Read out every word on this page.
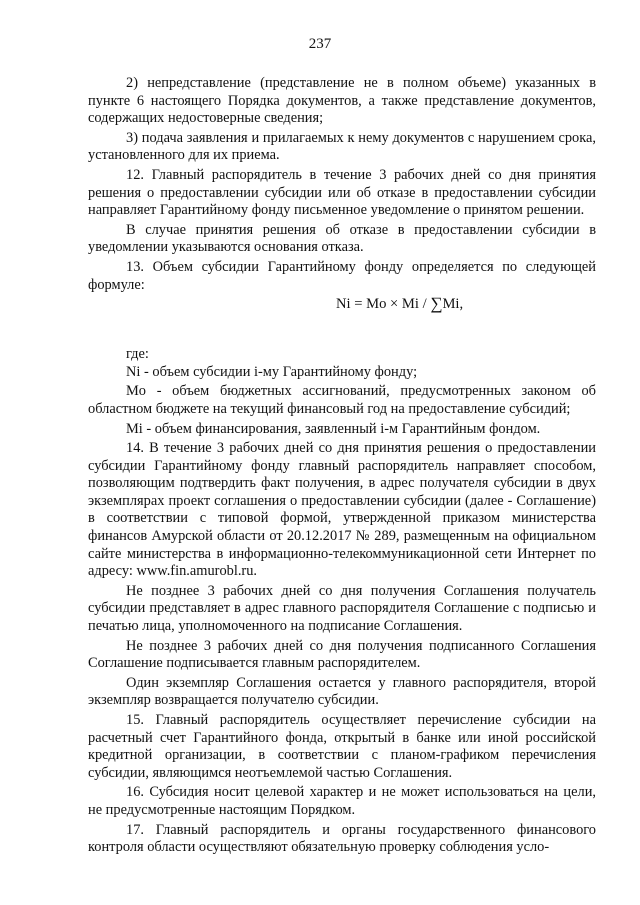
237

2) непредставление (представление не в полном объеме) указанных в пункте 6 настоящего Порядка документов, а также представление документов, содержащих недостоверные сведения;

3) подача заявления и прилагаемых к нему документов с нарушением срока, установленного для их приема.

12. Главный распорядитель в течение 3 рабочих дней со дня принятия решения о предоставлении субсидии или об отказе в предоставлении субсидии направляет Гарантийному фонду письменное уведомление о принятом решении.

В случае принятия решения об отказе в предоставлении субсидии в уведомлении указываются основания отказа.

13. Объем субсидии Гарантийному фонду определяется по следующей формуле:

Ni = Mo × Mi / ∑Mi,

где:

Ni - объем субсидии i-му Гарантийному фонду;

Mo - объем бюджетных ассигнований, предусмотренных законом об областном бюджете на текущий финансовый год на предоставление субсидий;

Mi - объем финансирования, заявленный i-м Гарантийным фондом.

14. В течение 3 рабочих дней со дня принятия решения о предоставлении субсидии Гарантийному фонду главный распорядитель направляет способом, позволяющим подтвердить факт получения, в адрес получателя субсидии в двух экземплярах проект соглашения о предоставлении субсидии (далее - Соглашение) в соответствии с типовой формой, утвержденной приказом министерства финансов Амурской области от 20.12.2017 № 289, размещенным на официальном сайте министерства в информационно-телекоммуникационной сети Интернет по адресу: www.fin.amurobl.ru.

Не позднее 3 рабочих дней со дня получения Соглашения получатель субсидии представляет в адрес главного распорядителя Соглашение с подписью и печатью лица, уполномоченного на подписание Соглашения.

Не позднее 3 рабочих дней со дня получения подписанного Соглашения Соглашение подписывается главным распорядителем.

Один экземпляр Соглашения остается у главного распорядителя, второй экземпляр возвращается получателю субсидии.

15. Главный распорядитель осуществляет перечисление субсидии на расчетный счет Гарантийного фонда, открытый в банке или иной российской кредитной организации, в соответствии с планом-графиком перечисления субсидии, являющимся неотъемлемой частью Соглашения.

16. Субсидия носит целевой характер и не может использоваться на цели, не предусмотренные настоящим Порядком.

17. Главный распорядитель и органы государственного финансового контроля области осуществляют обязательную проверку соблюдения усло-
